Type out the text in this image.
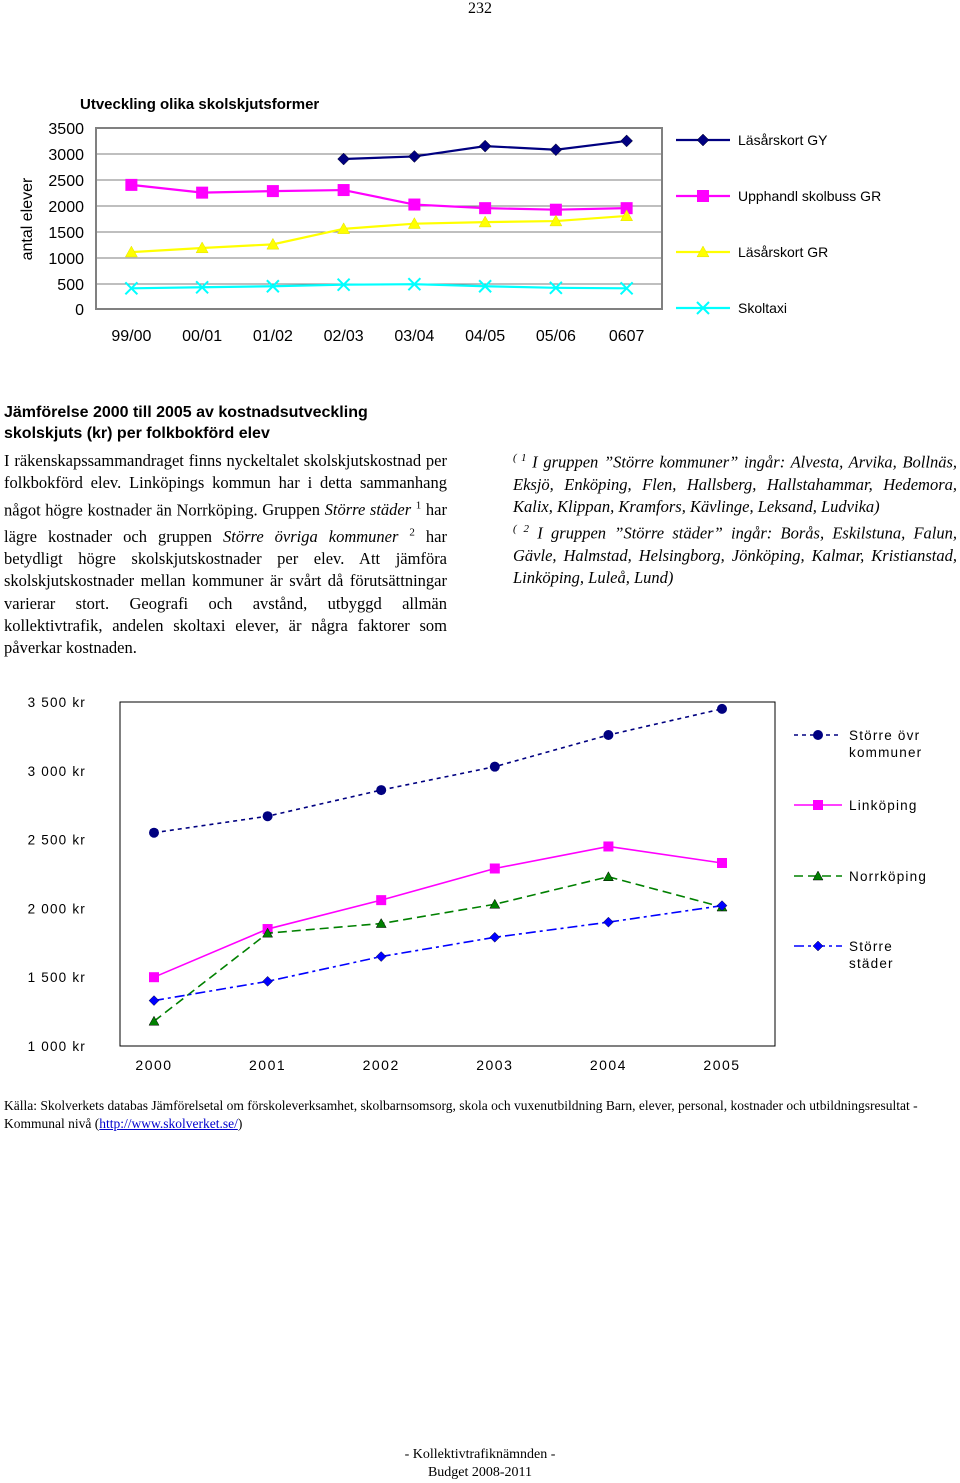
232
Utveckling olika skolskjutsformer
antal elever
3500
3000
2500
2000
1500
1000
500
0
99/00 00/01 01/02 02/03 03/04 04/05 05/06 0607
Läsårskort GY
Upphandl skolbuss GR
Läsårskort GR
Skoltaxi
Jämförelse 2000 till 2005 av kostnadsutveckling
skolskjuts (kr) per folkbokförd elev
I räkenskapssammandraget finns nyckeltalet skolskjutskostnad per folkbokförd elev. Linköpings kommun har i detta sammanhang något högre kostnader än Norrköping. Gruppen Större städer $^1$ har lägre kostnader och gruppen Större övriga kommuner $^2$ har betydligt högre skolskjutskostnader per elev. Att jämföra skolskjutskostnader mellan kommuner är svårt då förutsättningar varierar stort. Geografi och avstånd, utbyggd allmän kollektivtrafik, andelen skoltaxi elever, är några faktorer som påverkar kostnaden.
$^{( 1}$ I gruppen ”Större kommuner” ingår: Alvesta, Arvika, Bollnäs, Eksjö, Enköping, Flen, Hallsberg, Hallstahammar, Hedemora, Kalix, Klippan, Kramfors, Kävlinge, Leksand, Ludvika)
$^{( 2}$ I gruppen ”Större städer” ingår: Borås, Eskilstuna, Falun, Gävle, Halmstad, Helsingborg, Jönköping, Kalmar, Kristianstad, Linköping, Luleå, Lund)
3 500 kr
3 000 kr
2 500 kr
2 000 kr
1 500 kr
1 000 kr
2000	2001	2002	2003	2004	2005
Större övr
kommuner
Linköping
Norrköping
Större
städer
Källa: Skolverkets databas Jämförelsetal om förskoleverksamhet, skolbarnsomsorg, skola och vuxenutbildning Barn, elever, personal, kostnader och utbildningsresultat -Kommunal nivå (http://www.skolverket.se/)
- Kollektivtrafiknämnden -
Budget 2008-2011
